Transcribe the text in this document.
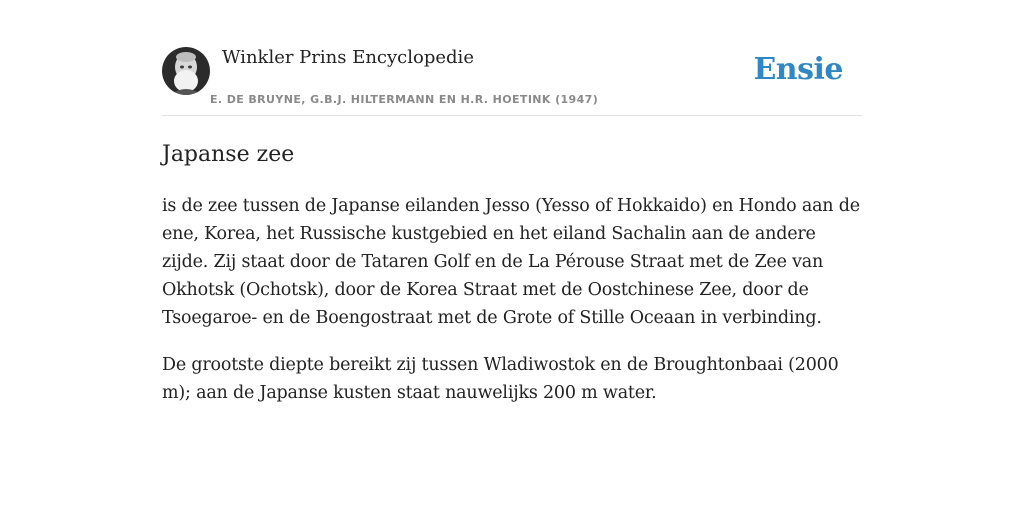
Winkler Prins Encyclopedie
E. DE BRUYNE, G.B.J. HILTERMANN EN H.R. HOETINK (1947)
Ensie
Japanse zee

is de zee tussen de Japanse eilanden Jesso (Yesso of Hokkaido) en Hondo aan de ene, Korea, het Russische kustgebied en het eiland Sachalin aan de andere zijde. Zij staat door de Tataren Golf en de La Pérouse Straat met de Zee van Okhotsk (Ochotsk), door de Korea Straat met de Oostchinese Zee, door de Tsoegaroe- en de Boengostraat met de Grote of Stille Oceaan in verbinding.

De grootste diepte bereikt zij tussen Wladiwostok en de Broughtonbaai (2000 m); aan de Japanse kusten staat nauwelijks 200 m water.
